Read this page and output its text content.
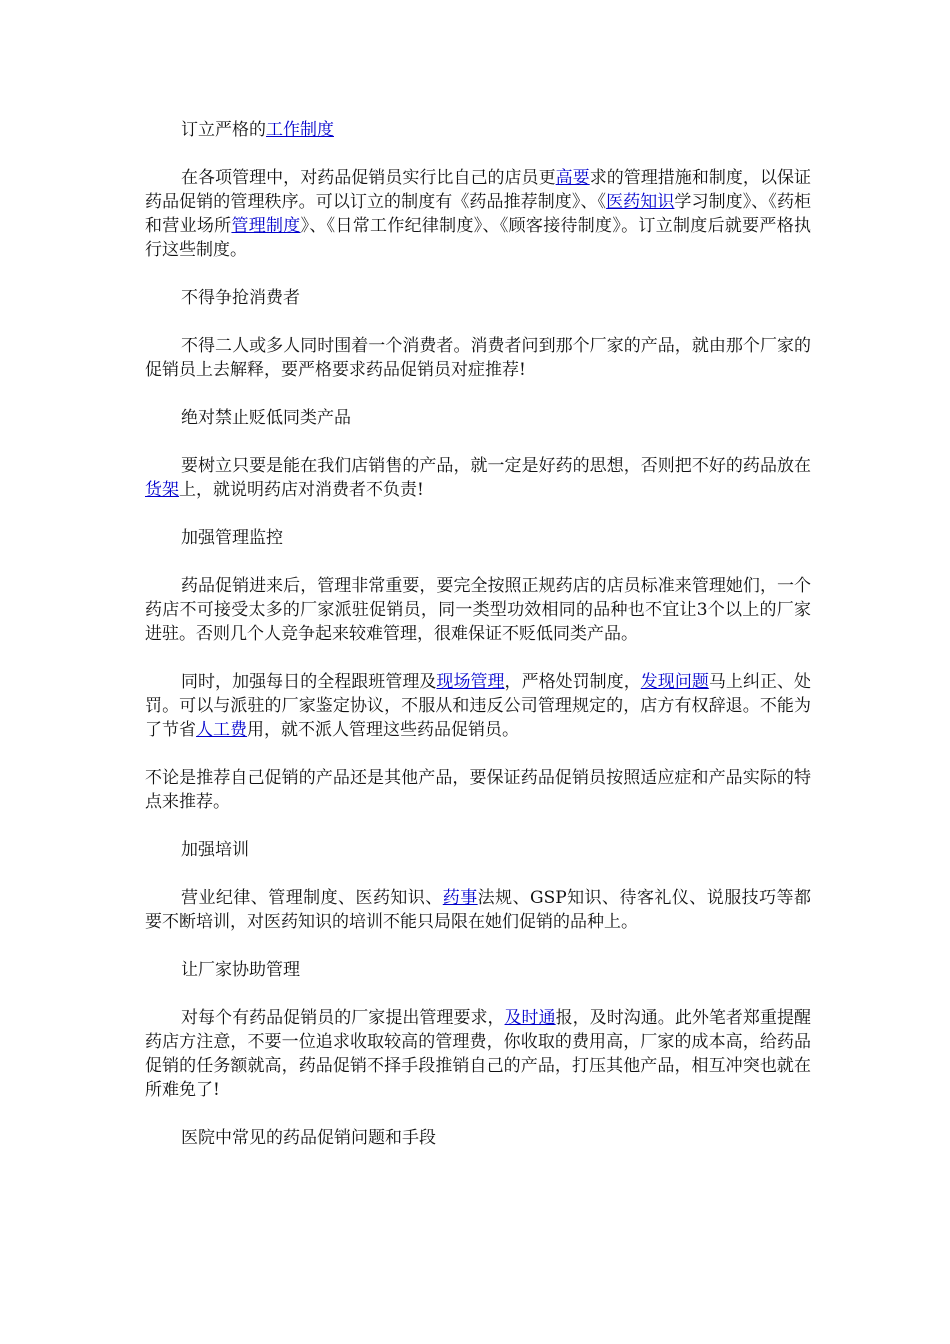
订立严格的工作制度

在各项管理中，对药品促销员实行比自己的店员更高要求的管理措施和制度，以保证药品促销的管理秩序。可以订立的制度有《药品推荐制度》、《医药知识学习制度》、《药柜和营业场所管理制度》、《日常工作纪律制度》、《顾客接待制度》。订立制度后就要严格执行这些制度。

不得争抢消费者

不得二人或多人同时围着一个消费者。消费者问到那个厂家的产品，就由那个厂家的促销员上去解释，要严格要求药品促销员对症推荐!

绝对禁止贬低同类产品

要树立只要是能在我们店销售的产品，就一定是好药的思想，否则把不好的药品放在货架上，就说明药店对消费者不负责!

加强管理监控

药品促销进来后，管理非常重要，要完全按照正规药店的店员标准来管理她们，一个药店不可接受太多的厂家派驻促销员，同一类型功效相同的品种也不宜让3个以上的厂家进驻。否则几个人竞争起来较难管理，很难保证不贬低同类产品。

同时，加强每日的全程跟班管理及现场管理，严格处罚制度，发现问题马上纠正、处罚。可以与派驻的厂家鉴定协议，不服从和违反公司管理规定的，店方有权辞退。不能为了节省人工费用，就不派人管理这些药品促销员。

不论是推荐自己促销的产品还是其他产品，要保证药品促销员按照适应症和产品实际的特点来推荐。

加强培训

营业纪律、管理制度、医药知识、药事法规、GSP知识、待客礼仪、说服技巧等都要不断培训，对医药知识的培训不能只局限在她们促销的品种上。

让厂家协助管理

对每个有药品促销员的厂家提出管理要求，及时通报，及时沟通。此外笔者郑重提醒药店方注意，不要一位追求收取较高的管理费，你收取的费用高，厂家的成本高，给药品促销的任务额就高，药品促销不择手段推销自己的产品，打压其他产品，相互冲突也就在所难免了!

医院中常见的药品促销问题和手段
